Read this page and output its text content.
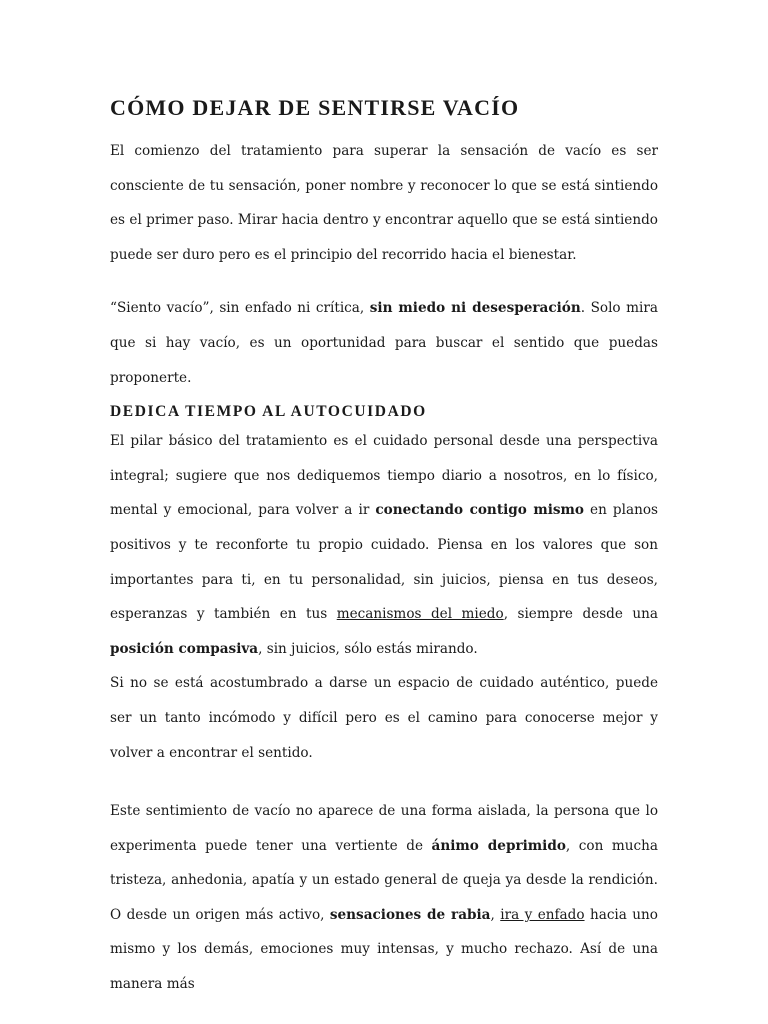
CÓMO DEJAR DE SENTIRSE VACÍO

El comienzo del tratamiento para superar la sensación de vacío es ser consciente de tu sensación, poner nombre y reconocer lo que se está sintiendo es el primer paso. Mirar hacia dentro y encontrar aquello que se está sintiendo puede ser duro pero es el principio del recorrido hacia el bienestar.

“Siento vacío”, sin enfado ni crítica, sin miedo ni desesperación. Solo mira que si hay vacío, es un oportunidad para buscar el sentido que puedas proponerte.

DEDICA TIEMPO AL AUTOCUIDADO

El pilar básico del tratamiento es el cuidado personal desde una perspectiva integral; sugiere que nos dediquemos tiempo diario a nosotros, en lo físico, mental y emocional, para volver a ir conectando contigo mismo en planos positivos y te reconforte tu propio cuidado. Piensa en los valores que son importantes para ti, en tu personalidad, sin juicios, piensa en tus deseos, esperanzas y también en tus mecanismos del miedo, siempre desde una posición compasiva, sin juicios, sólo estás mirando.

Si no se está acostumbrado a darse un espacio de cuidado auténtico, puede ser un tanto incómodo y difícil pero es el camino para conocerse mejor y volver a encontrar el sentido.

Este sentimiento de vacío no aparece de una forma aislada, la persona que lo experimenta puede tener una vertiente de ánimo deprimido, con mucha tristeza, anhedonia, apatía y un estado general de queja ya desde la rendición. O desde un origen más activo, sensaciones de rabia, ira y enfado hacia uno mismo y los demás, emociones muy intensas, y mucho rechazo. Así de una manera más
